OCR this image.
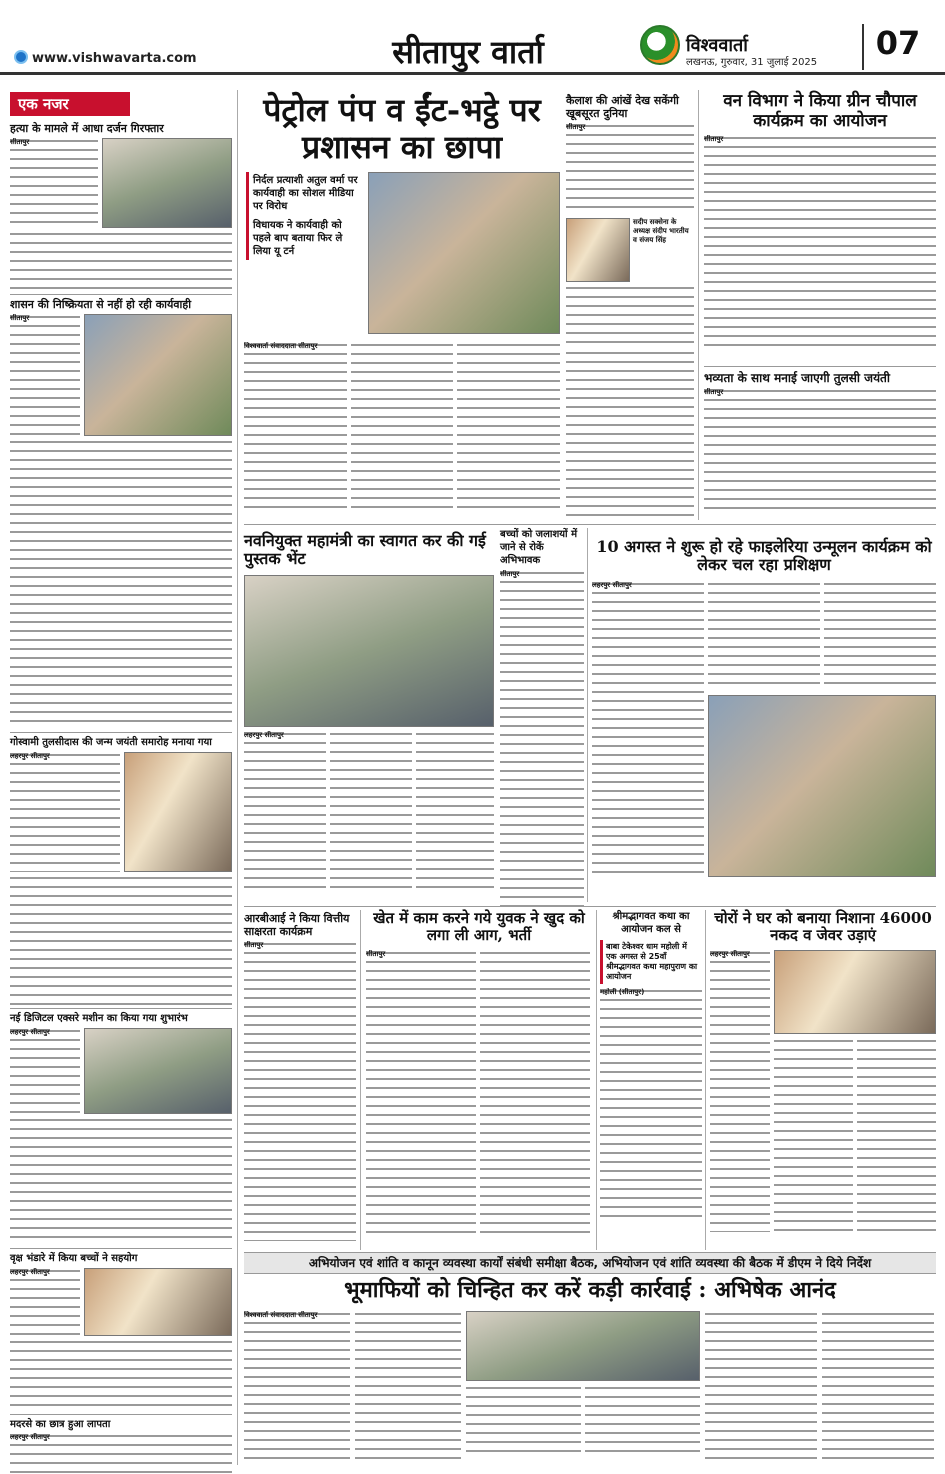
www.vishwavarta.com	सीतापुर वार्ता	विश्ववार्ता
लखनऊ, गुरुवार, 31 जुलाई 2025
07
एक नजर
हत्या के मामले में आधा दर्जन गिरफ्तार
सीतापुर
शासन की निष्क्रियता से नहीं हो रही कार्यवाही
सीतापुर
गोस्वामी तुलसीदास की जन्म जयंती समारोह मनाया गया
लहरपुर सीतापुर
नई डिजिटल एक्सरे मशीन का किया गया शुभारंभ
लहरपुर सीतापुर
वृक्ष भंडारे में किया बच्चों ने सहयोग
लहरपुर सीतापुर
मदरसे का छात्र हुआ लापता
लहरपुर सीतापुर
पेट्रोल पंप व ईंट-भट्ठे पर प्रशासन का छापा
निर्दल प्रत्याशी अतुल वर्मा पर कार्यवाही का सोशल मीडिया पर विरोध
विधायक ने कार्यवाही को पहले बाप बताया फिर ले लिया यू टर्न
विश्ववार्ता संवाददाता सीतापुर
कैलाश की आंखें देख सकेंगी खूबसूरत दुनिया
सीतापुर
सदीप सक्सेना के अध्यक्ष संदीप भारतीय व संजय सिंह
वन विभाग ने किया ग्रीन चौपाल कार्यक्रम का आयोजन
सीतापुर
भव्यता के साथ मनाई जाएगी तुलसी जयंती
सीतापुर
नवनियुक्त महामंत्री का स्वागत कर की गई पुस्तक भेंट
लहरपुर सीतापुर
बच्चों को जलाशयों में जाने से रोकें अभिभावक
सीतापुर
10 अगस्त ने शुरू हो रहे फाइलेरिया उन्मूलन कार्यक्रम को लेकर चल रहा प्रशिक्षण
लहरपुर सीतापुर
आरबीआई ने किया वित्तीय साक्षरता कार्यक्रम
सीतापुर
खेत में काम करने गये युवक ने खुद को लगा ली आग, भर्ती
सीतापुर
श्रीमद्भागवत कथा का आयोजन कल से
बाबा टेकेश्वर धाम महोली में एक अगस्त से 25वाँ श्रीमद्भागवत कथा महापुराण का आयोजन
महोली (सीतापुर)
चोरों ने घर को बनाया निशाना 46000 नकद व जेवर उड़ाएं
लहरपुर सीतापुर
अभियोजन एवं शांति व कानून व्यवस्था कार्यों संबंधी समीक्षा बैठक, अभियोजन एवं शांति व्यवस्था की बैठक में डीएम ने दिये निर्देश
भूमाफियों को चिन्हित कर करें कड़ी कार्रवाई : अभिषेक आनंद
विश्ववार्ता संवाददाता सीतापुर
